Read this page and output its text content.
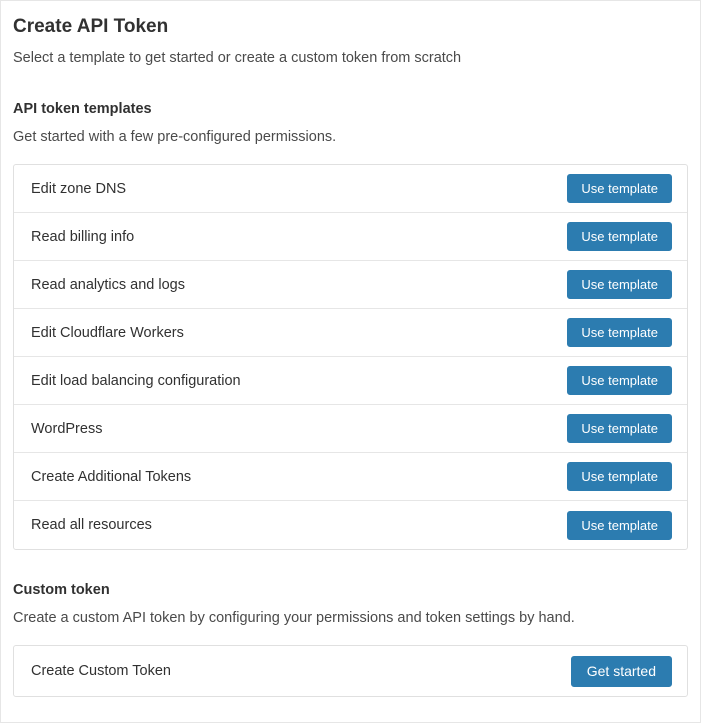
Create API Token
Select a template to get started or create a custom token from scratch
API token templates
Get started with a few pre-configured permissions.
Edit zone DNS	Use template
Read billing info	Use template
Read analytics and logs	Use template
Edit Cloudflare Workers	Use template
Edit load balancing configuration	Use template
WordPress	Use template
Create Additional Tokens	Use template
Read all resources	Use template
Custom token
Create a custom API token by configuring your permissions and token settings by hand.
Create Custom Token	Get started
